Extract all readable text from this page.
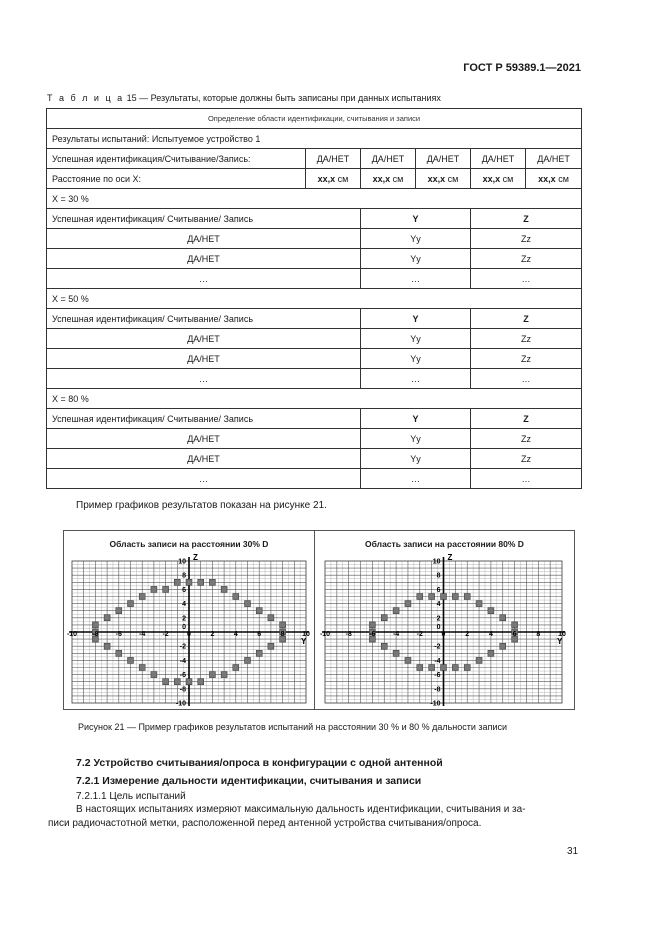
ГОСТ Р 59389.1—2021
Т а б л и ц а 15 — Результаты, которые должны быть записаны при данных испытаниях
Определение области идентификации, считывания и записи					
Результаты испытаний: Испытуемое устройство 1					
Успешная идентификация/Считывание/Запись:	ДА/НЕТ	ДА/НЕТ	ДА/НЕТ	ДА/НЕТ	ДА/НЕТ
Расстояние по оси Х:	хх,х см	хх,х см	хх,х см	хх,х см	хх,х см
X = 30 %					
Успешная идентификация/ Считывание/ Запись		Y		Z	
ДА/НЕТ		Yy		Zz	
ДА/НЕТ		Yy		Zz	
…		…		…	
X = 50 %					
Успешная идентификация/ Считывание/ Запись		Y		Z	
ДА/НЕТ		Yy		Zz	
ДА/НЕТ		Yy		Zz	
…		…		…	
X = 80 %					
Успешная идентификация/ Считывание/ Запись		Y		Z	
ДА/НЕТ		Yy		Zz	
ДА/НЕТ		Yy		Zz	
…		…		…	
Пример графиков результатов показан на рисунке 21.
Область записи на расстоянии 30% D
-10 -8 -6 -4 -2	0	2	4	6	8	10
10
8
6
4
2
-2
-4
-6
-8
-10
0
Z
Y
Область записи на расстоянии 80% D
-10 -8 -6 -4 -2	0	2	4	6	8	10
10
8
6
4
2
-2
-4
-6
-8
-10
0
Z
Y
Рисунок 21 — Пример графиков результатов испытаний на расстоянии 30 % и 80 % дальности записи
7.2 Устройство считывания/опроса в конфигурации с одной антенной
7.2.1 Измерение дальности идентификации, считывания и записи
7.2.1.1 Цель испытаний
В настоящих испытаниях измеряют максимальную дальность идентификации, считывания и за-
писи радиочастотной метки, расположенной перед антенной устройства считывания/опроса.
31
